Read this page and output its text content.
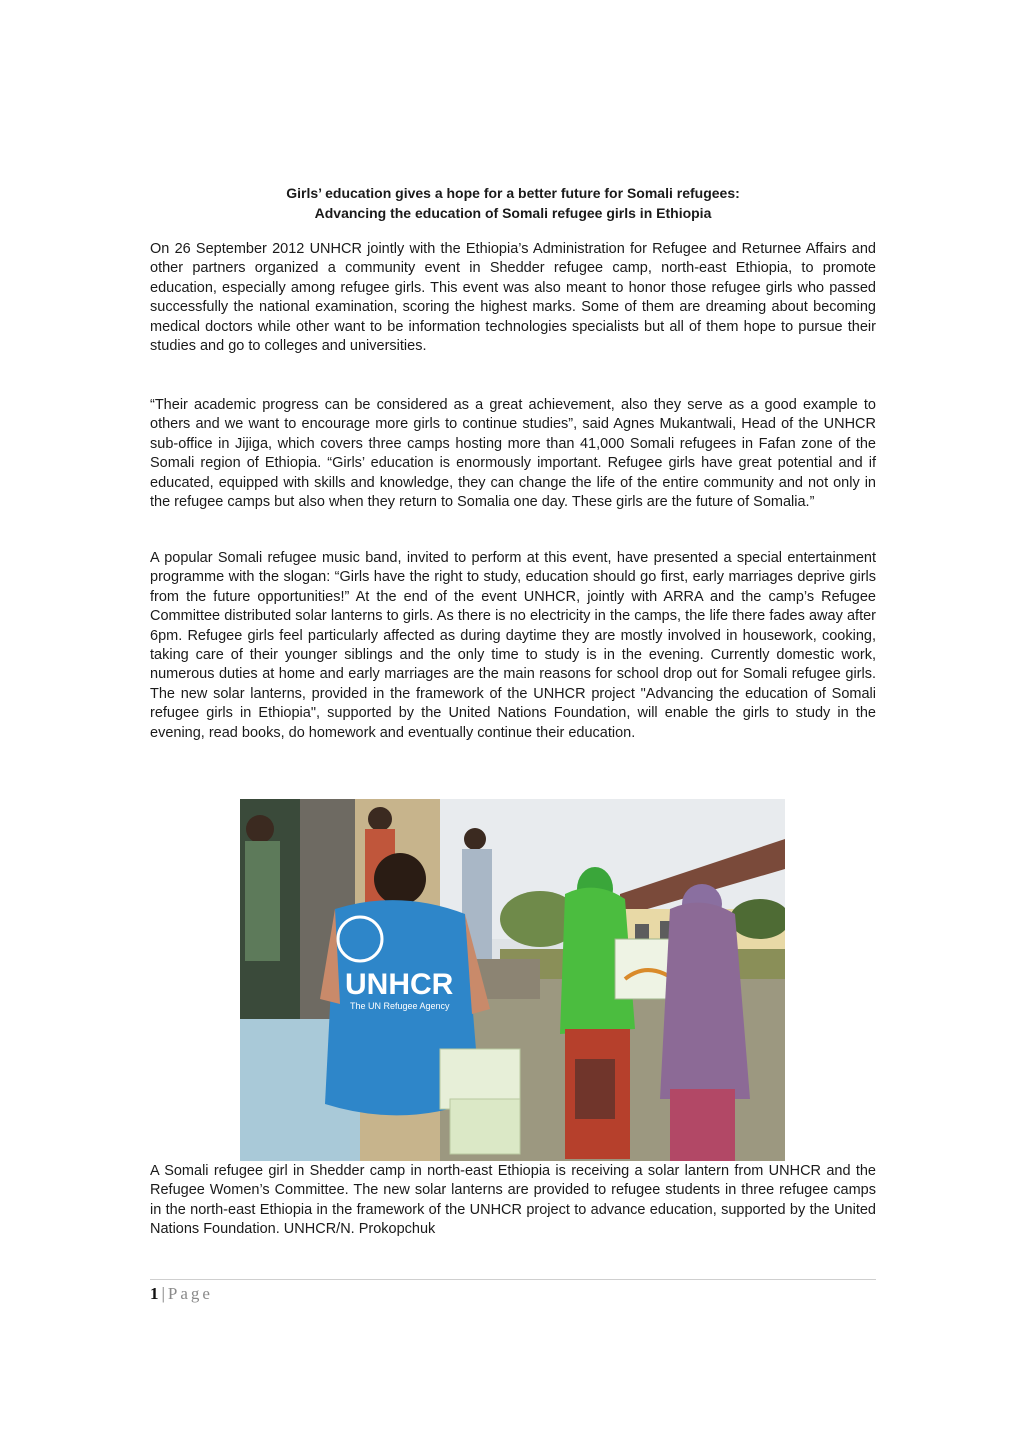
Girls’ education gives a hope for a better future for Somali refugees:
Advancing the education of Somali refugee girls in Ethiopia

On 26 September 2012 UNHCR jointly with the Ethiopia’s Administration for Refugee and Returnee Affairs and other partners organized a community event in Shedder refugee camp, north-east Ethiopia, to promote education, especially among refugee girls. This event was also meant to honor those refugee girls who passed successfully the national examination, scoring the highest marks. Some of them are dreaming about becoming medical doctors while other want to be information technologies specialists but all of them hope to pursue their studies and go to colleges and universities.

“Their academic progress can be considered as a great achievement, also they serve as a good example to others and we want to encourage more girls to continue studies”, said Agnes Mukantwali, Head of the UNHCR sub-office in Jijiga, which covers three camps hosting more than 41,000 Somali refugees in Fafan zone of the Somali region of Ethiopia. “Girls’ education is enormously important. Refugee girls have great potential and if educated, equipped with skills and knowledge, they can change the life of the entire community and not only in the refugee camps but also when they return to Somalia one day. These girls are the future of Somalia.”

A popular Somali refugee music band, invited to perform at this event, have presented a special entertainment programme with the slogan: “Girls have the right to study, education should go first, early marriages deprive girls from the future opportunities!” At the end of the event UNHCR, jointly with ARRA and the camp’s Refugee Committee distributed solar lanterns to girls. As there is no electricity in the camps, the life there fades away after 6pm. Refugee girls feel particularly affected as during daytime they are mostly involved in housework, cooking, taking care of their younger siblings and the only time to study is in the evening. Currently domestic work, numerous duties at home and early marriages are the main reasons for school drop out for Somali refugee girls. The new solar lanterns, provided in the framework of the UNHCR project "Advancing the education of Somali refugee girls in Ethiopia", supported by the United Nations Foundation, will enable the girls to study in the evening, read books, do homework and eventually continue their education.

UNHCR
The UN Refugee Agency

A Somali refugee girl in Shedder camp in north-east Ethiopia is receiving a solar lantern from UNHCR and the Refugee Women’s Committee. The new solar lanterns are provided to refugee students in three refugee camps in the north-east Ethiopia in the framework of the UNHCR project to advance education, supported by the United Nations Foundation. UNHCR/N. Prokopchuk

1 | Page
